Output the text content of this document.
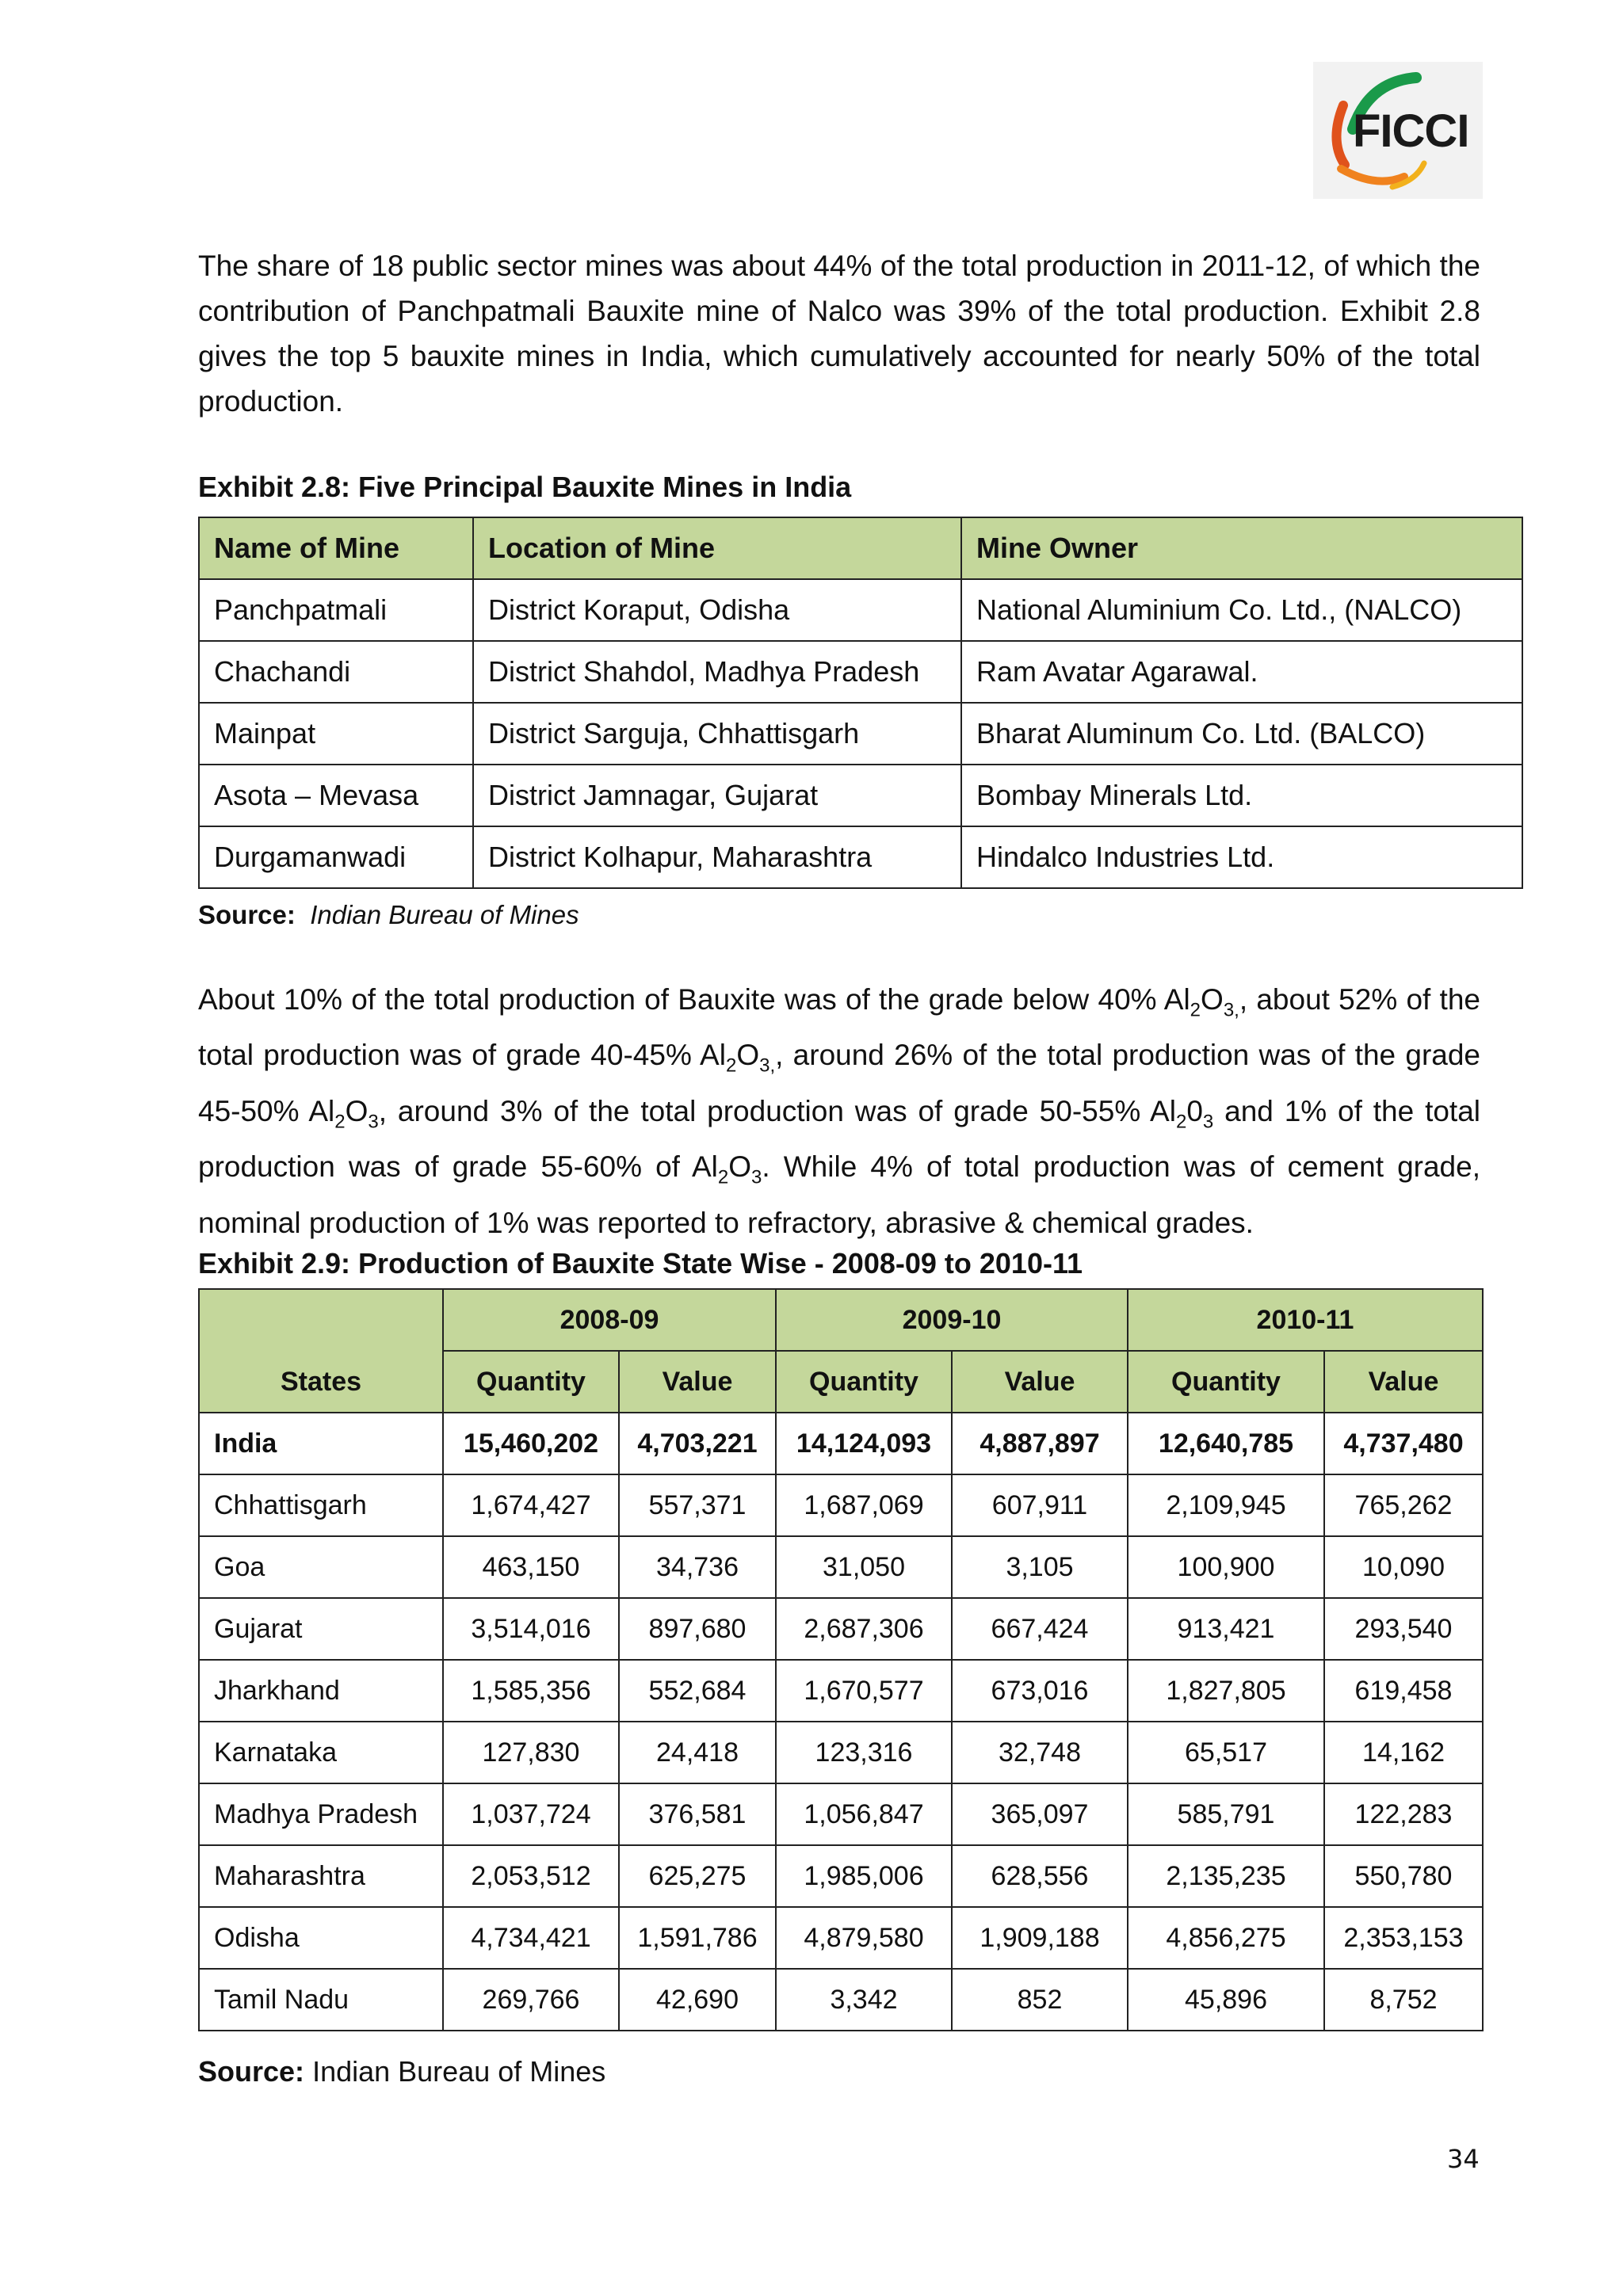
FICCI
The share of 18 public sector mines was about 44% of the total production in 2011-12, of which the contribution of Panchpatmali Bauxite mine of Nalco was 39% of the total production. Exhibit 2.8 gives the top 5 bauxite mines in India, which cumulatively accounted for nearly 50% of the total production.
Exhibit 2.8: Five Principal Bauxite Mines in India
Name of Mine	Location of Mine	Mine Owner
Panchpatmali	District Koraput, Odisha	National Aluminium Co. Ltd., (NALCO)
Chachandi	District Shahdol, Madhya Pradesh	Ram Avatar Agarawal.
Mainpat	District Sarguja, Chhattisgarh	Bharat Aluminum Co. Ltd. (BALCO)
Asota – Mevasa	District Jamnagar, Gujarat	Bombay Minerals Ltd.
Durgamanwadi	District Kolhapur, Maharashtra	Hindalco Industries Ltd.
Source: Indian Bureau of Mines
About 10% of the total production of Bauxite was of the grade below 40% $Al_2O_{3,}$, about 52% of the total production was of grade 40-45% $Al_2O_{3,}$, around 26% of the total production was of the grade 45-50% $Al_2O_3$, around 3% of the total production was of grade 50-55% $Al_20_3$ and 1% of the total production was of grade 55-60% of $Al_2O_3$. While 4% of total production was of cement grade, nominal production of 1% was reported to refractory, abrasive & chemical grades.
Exhibit 2.9: Production of Bauxite State Wise - 2008-09 to 2010-11
States	2008-09		2009-10		2010-11	
	Quantity	Value	Quantity	Value	Quantity	Value
India	15,460,202	4,703,221	14,124,093	4,887,897	12,640,785	4,737,480
Chhattisgarh	1,674,427	557,371	1,687,069	607,911	2,109,945	765,262
Goa	463,150	34,736	31,050	3,105	100,900	10,090
Gujarat	3,514,016	897,680	2,687,306	667,424	913,421	293,540
Jharkhand	1,585,356	552,684	1,670,577	673,016	1,827,805	619,458
Karnataka	127,830	24,418	123,316	32,748	65,517	14,162
Madhya Pradesh	1,037,724	376,581	1,056,847	365,097	585,791	122,283
Maharashtra	2,053,512	625,275	1,985,006	628,556	2,135,235	550,780
Odisha	4,734,421	1,591,786	4,879,580	1,909,188	4,856,275	2,353,153
Tamil Nadu	269,766	42,690	3,342	852	45,896	8,752
Source: Indian Bureau of Mines
34
